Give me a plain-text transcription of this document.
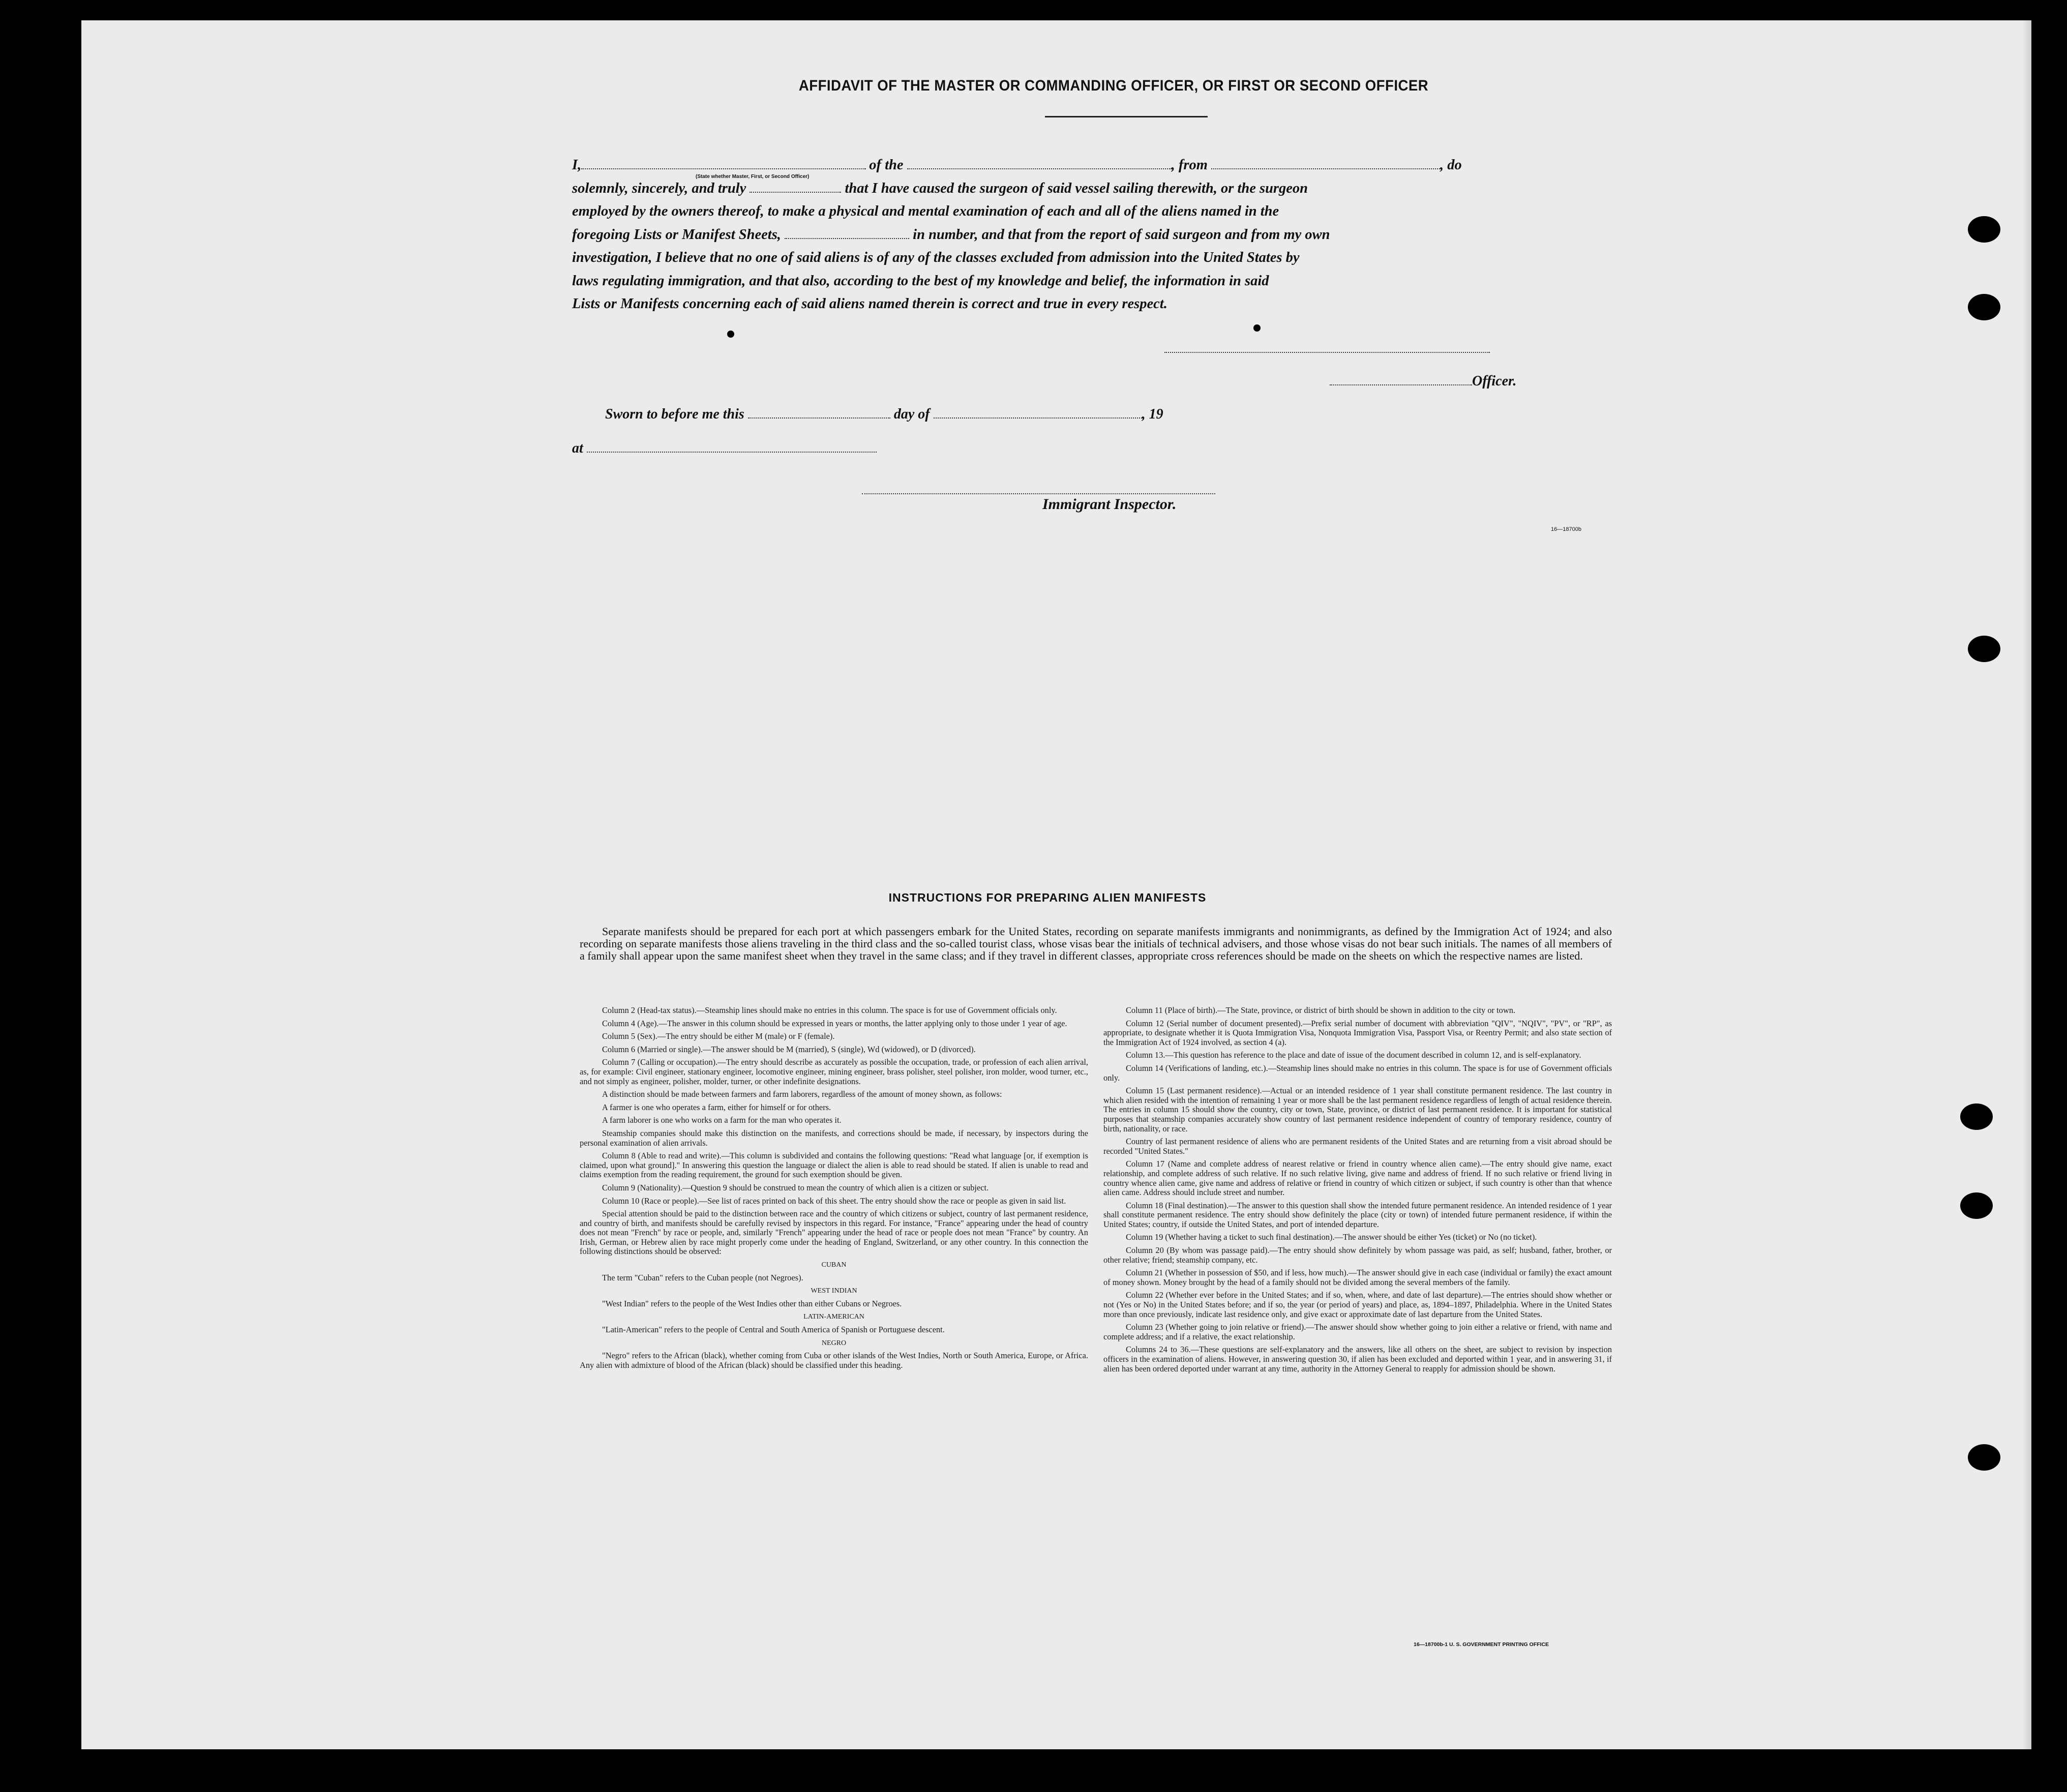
AFFIDAVIT OF THE MASTER OR COMMANDING OFFICER, OR FIRST OR SECOND OFFICER
I,	of the	, from	, do
solemnly, sincerely, and truly	that I have caused the surgeon of said vessel sailing therewith, or the surgeon
employed by the owners thereof, to make a physical and mental examination of each and all of the aliens named in the
foregoing Lists or Manifest Sheets,	in number, and that from the report of said surgeon and from my own
investigation, I believe that no one of said aliens is of any of the classes excluded from admission into the United States by
laws regulating immigration, and that also, according to the best of my knowledge and belief, the information in said
Lists or Manifests concerning each of said aliens named therein is correct and true in every respect.
(State whether Master, First, or Second Officer)
Officer.
Sworn to before me this	day of	, 19
at
Immigrant Inspector.
16—18700b
INSTRUCTIONS FOR PREPARING ALIEN MANIFESTS

Separate manifests should be prepared for each port at which passengers embark for the United States, recording on separate manifests immigrants and nonimmigrants, as defined by the Immigration Act of 1924; and also recording on separate manifests those aliens traveling in the third class and the so-called tourist class, whose visas bear the initials of technical advisers, and those whose visas do not bear such initials. The names of all members of a family shall appear upon the same manifest sheet when they travel in the same class; and if they travel in different classes, appropriate cross references should be made on the sheets on which the respective names are listed.

Column 2 (Head-tax status).—Steamship lines should make no entries in this column. The space is for use of Government officials only.

Column 4 (Age).—The answer in this column should be expressed in years or months, the latter applying only to those under 1 year of age.

Column 5 (Sex).—The entry should be either M (male) or F (female).

Column 6 (Married or single).—The answer should be M (married), S (single), Wd (widowed), or D (divorced).

Column 7 (Calling or occupation).—The entry should describe as accurately as possible the occupation, trade, or profession of each alien arrival, as, for example: Civil engineer, stationary engineer, locomotive engineer, mining engineer, brass polisher, steel polisher, iron molder, wood turner, etc., and not simply as engineer, polisher, molder, turner, or other indefinite designations.

A distinction should be made between farmers and farm laborers, regardless of the amount of money shown, as follows:

A farmer is one who operates a farm, either for himself or for others.

A farm laborer is one who works on a farm for the man who operates it.

Steamship companies should make this distinction on the manifests, and corrections should be made, if necessary, by inspectors during the personal examination of alien arrivals.

Column 8 (Able to read and write).—This column is subdivided and contains the following questions: "Read what language [or, if exemption is claimed, upon what ground]." In answering this question the language or dialect the alien is able to read should be stated. If alien is unable to read and claims exemption from the reading requirement, the ground for such exemption should be given.

Column 9 (Nationality).—Question 9 should be construed to mean the country of which alien is a citizen or subject.

Column 10 (Race or people).—See list of races printed on back of this sheet. The entry should show the race or people as given in said list.

Special attention should be paid to the distinction between race and the country of which citizens or subject, country of last permanent residence, and country of birth, and manifests should be carefully revised by inspectors in this regard. For instance, "France" appearing under the head of country does not mean "French" by race or people, and, similarly "French" appearing under the head of race or people does not mean "France" by country. An Irish, German, or Hebrew alien by race might properly come under the heading of England, Switzerland, or any other country. In this connection the following distinctions should be observed:

CUBAN

The term "Cuban" refers to the Cuban people (not Negroes).

WEST INDIAN

"West Indian" refers to the people of the West Indies other than either Cubans or Negroes.

LATIN-AMERICAN

"Latin-American" refers to the people of Central and South America of Spanish or Portuguese descent.

NEGRO

"Negro" refers to the African (black), whether coming from Cuba or other islands of the West Indies, North or South America, Europe, or Africa. Any alien with admixture of blood of the African (black) should be classified under this heading.

Column 11 (Place of birth).—The State, province, or district of birth should be shown in addition to the city or town.

Column 12 (Serial number of document presented).—Prefix serial number of document with abbreviation "QIV", "NQIV", "PV", or "RP", as appropriate, to designate whether it is Quota Immigration Visa, Nonquota Immigration Visa, Passport Visa, or Reentry Permit; and also state section of the Immigration Act of 1924 involved, as section 4 (a).

Column 13.—This question has reference to the place and date of issue of the document described in column 12, and is self-explanatory.

Column 14 (Verifications of landing, etc.).—Steamship lines should make no entries in this column. The space is for use of Government officials only.

Column 15 (Last permanent residence).—Actual or an intended residence of 1 year shall constitute permanent residence. The last country in which alien resided with the intention of remaining 1 year or more shall be the last permanent residence regardless of length of actual residence therein. The entries in column 15 should show the country, city or town, State, province, or district of last permanent residence. It is important for statistical purposes that steamship companies accurately show country of last permanent residence independent of country of temporary residence, country of birth, nationality, or race.

Country of last permanent residence of aliens who are permanent residents of the United States and are returning from a visit abroad should be recorded "United States."

Column 17 (Name and complete address of nearest relative or friend in country whence alien came).—The entry should give name, exact relationship, and complete address of such relative. If no such relative living, give name and address of friend. If no such relative or friend living in country whence alien came, give name and address of relative or friend in country of which citizen or subject, if such country is other than that whence alien came. Address should include street and number.

Column 18 (Final destination).—The answer to this question shall show the intended future permanent residence. An intended residence of 1 year shall constitute permanent residence. The entry should show definitely the place (city or town) of intended future permanent residence, if within the United States; country, if outside the United States, and port of intended departure.

Column 19 (Whether having a ticket to such final destination).—The answer should be either Yes (ticket) or No (no ticket).

Column 20 (By whom was passage paid).—The entry should show definitely by whom passage was paid, as self; husband, father, brother, or other relative; friend; steamship company, etc.

Column 21 (Whether in possession of $50, and if less, how much).—The answer should give in each case (individual or family) the exact amount of money shown. Money brought by the head of a family should not be divided among the several members of the family.

Column 22 (Whether ever before in the United States; and if so, when, where, and date of last departure).—The entries should show whether or not (Yes or No) in the United States before; and if so, the year (or period of years) and place, as, 1894–1897, Philadelphia. Where in the United States more than once previously, indicate last residence only, and give exact or approximate date of last departure from the United States.

Column 23 (Whether going to join relative or friend).—The answer should show whether going to join either a relative or friend, with name and complete address; and if a relative, the exact relationship.

Columns 24 to 36.—These questions are self-explanatory and the answers, like all others on the sheet, are subject to revision by inspection officers in the examination of aliens. However, in answering question 30, if alien has been excluded and deported within 1 year, and in answering 31, if alien has been ordered deported under warrant at any time, authority in the Attorney General to reapply for admission should be shown.

16—18700b-1 U. S. GOVERNMENT PRINTING OFFICE
